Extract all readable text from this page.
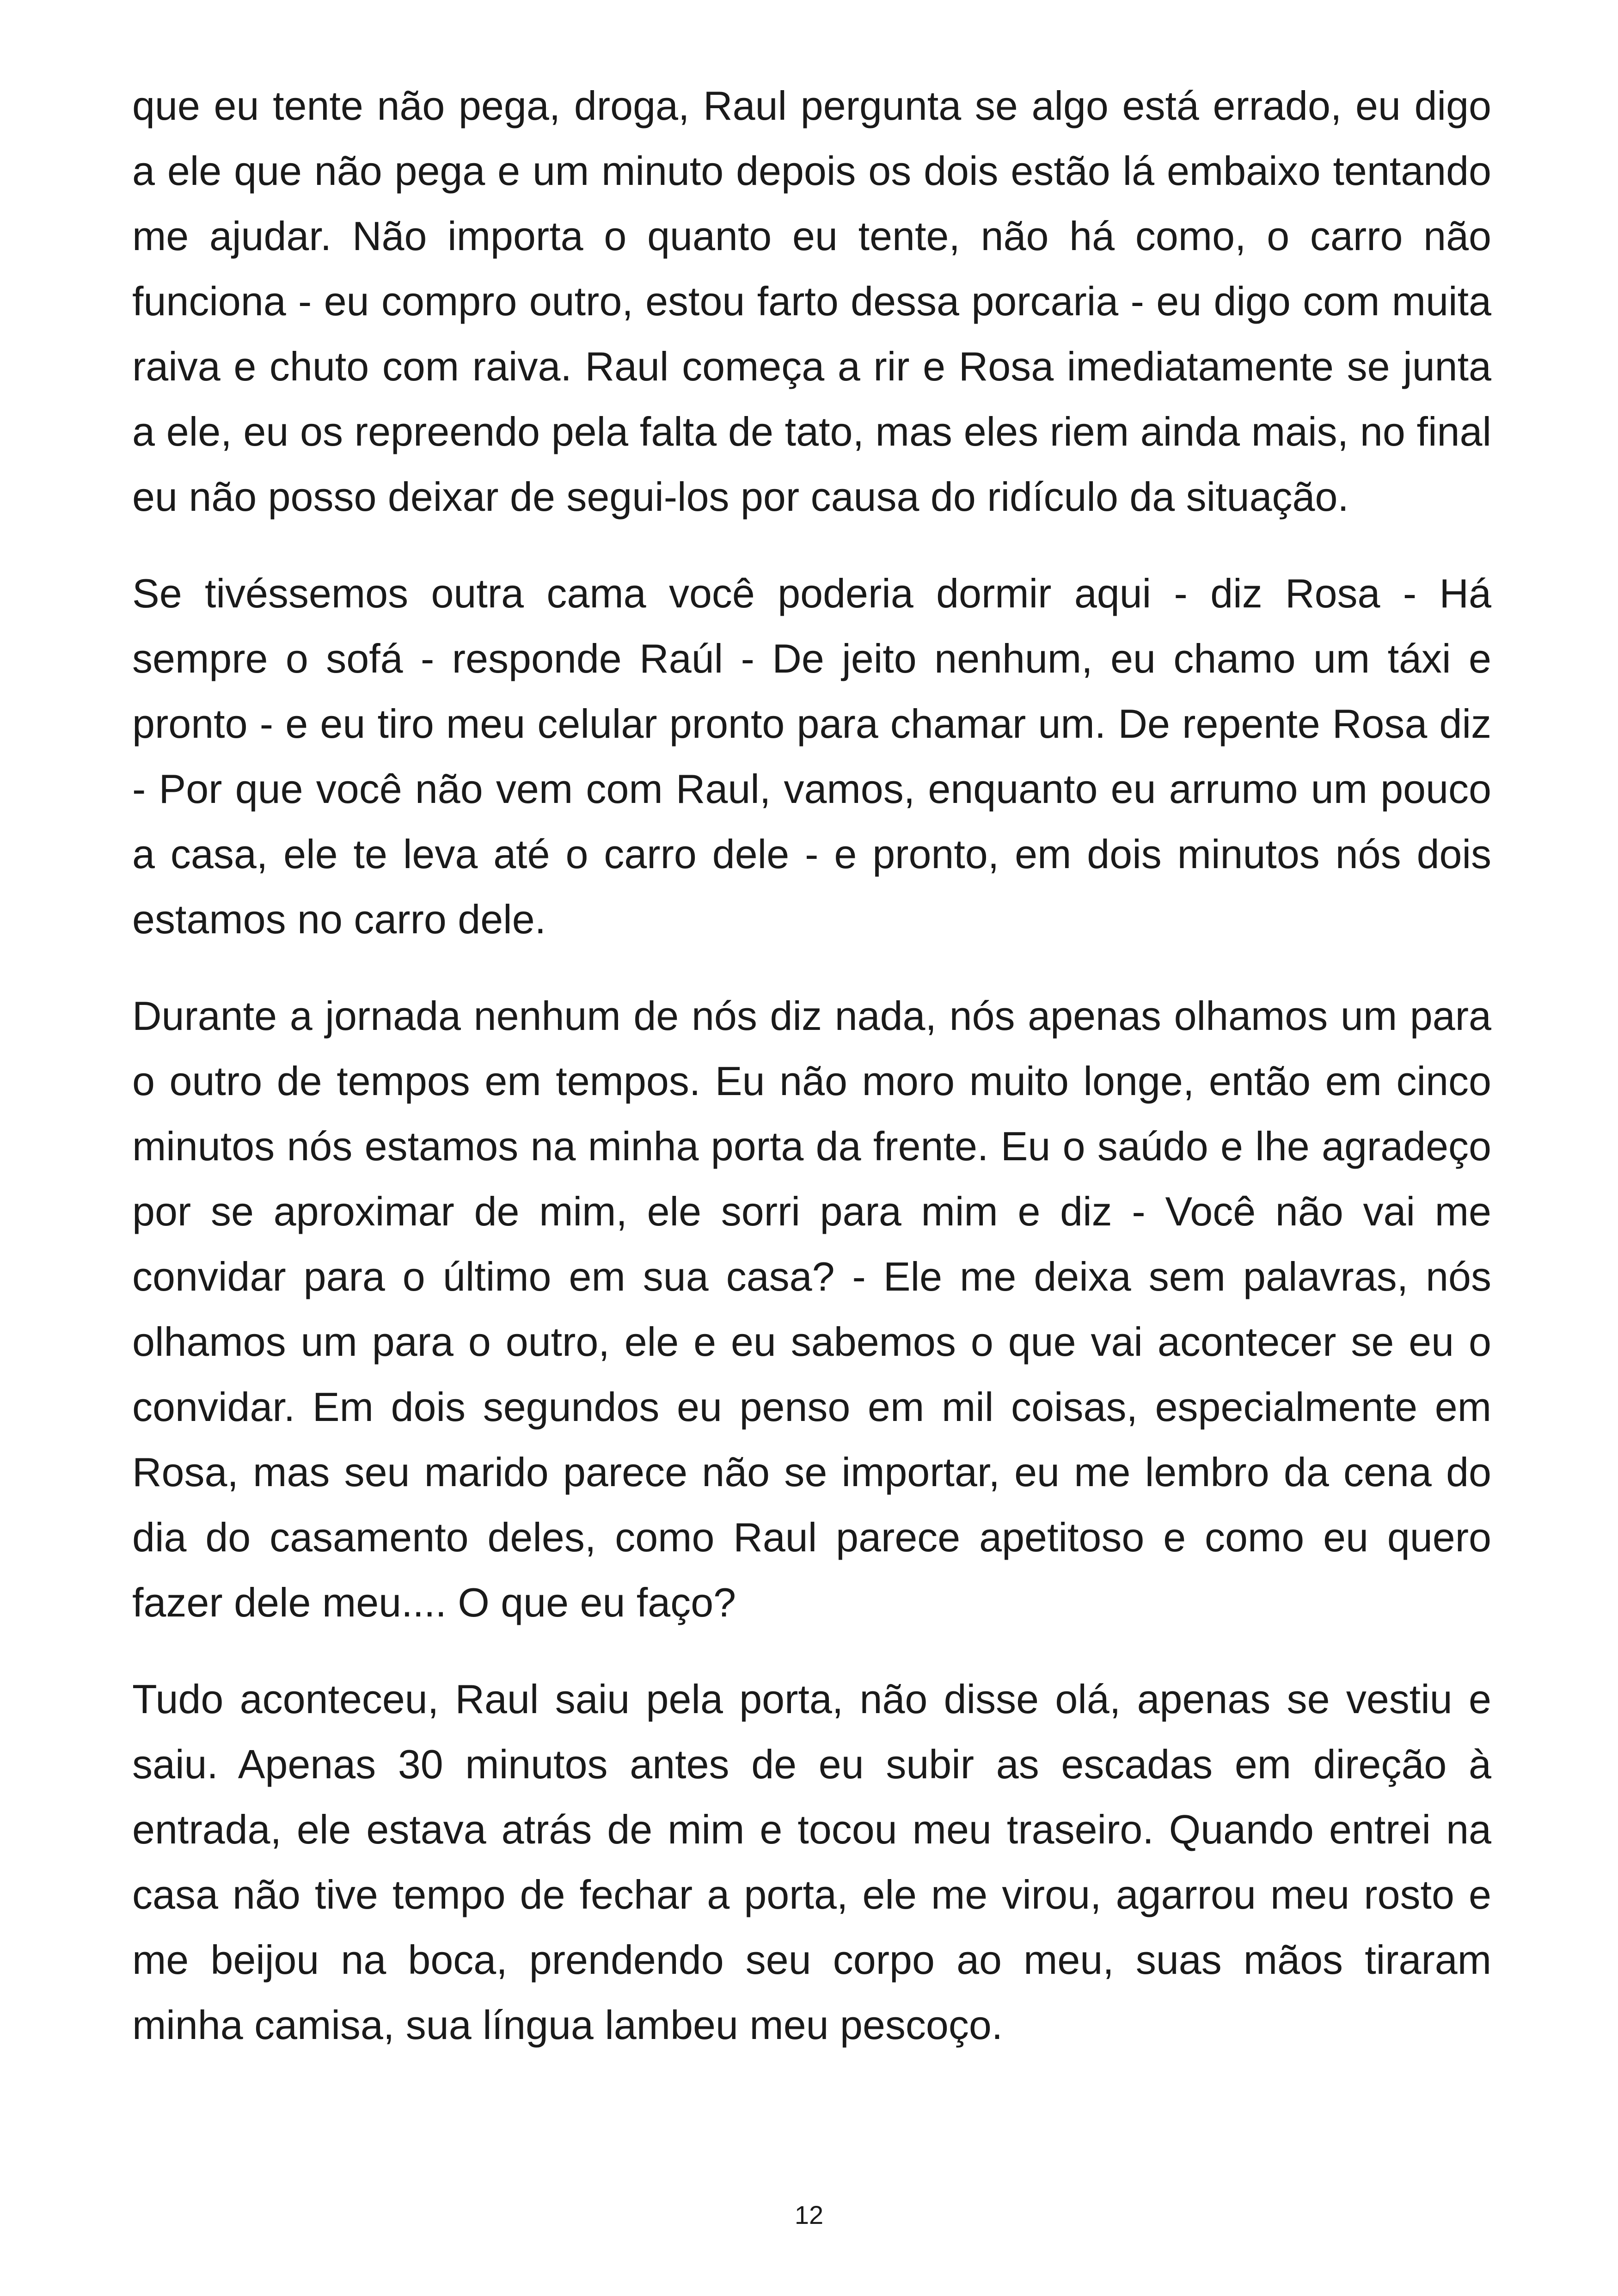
que eu tente não pega, droga, Raul pergunta se algo está errado, eu digo a ele que não pega e um minuto depois os dois estão lá embaixo tentando me ajudar. Não importa o quanto eu tente, não há como, o carro não funciona - eu compro outro, estou farto dessa porcaria - eu digo com muita raiva e chuto com raiva. Raul começa a rir e Rosa imediatamente se junta a ele, eu os repreendo pela falta de tato, mas eles riem ainda mais, no final eu não posso deixar de segui-los por causa do ridículo da situação.

Se tivéssemos outra cama você poderia dormir aqui - diz Rosa - Há sempre o sofá - responde Raúl - De jeito nenhum, eu chamo um táxi e pronto - e eu tiro meu celular pronto para chamar um. De repente Rosa diz - Por que você não vem com Raul, vamos, enquanto eu arrumo um pouco a casa, ele te leva até o carro dele - e pronto, em dois minutos nós dois estamos no carro dele.

Durante a jornada nenhum de nós diz nada, nós apenas olhamos um para o outro de tempos em tempos. Eu não moro muito longe, então em cinco minutos nós estamos na minha porta da frente. Eu o saúdo e lhe agradeço por se aproximar de mim, ele sorri para mim e diz - Você não vai me convidar para o último em sua casa? - Ele me deixa sem palavras, nós olhamos um para o outro, ele e eu sabemos o que vai acontecer se eu o convidar. Em dois segundos eu penso em mil coisas, especialmente em Rosa, mas seu marido parece não se importar, eu me lembro da cena do dia do casamento deles, como Raul parece apetitoso e como eu quero fazer dele meu.... O que eu faço?

Tudo aconteceu, Raul saiu pela porta, não disse olá, apenas se vestiu e saiu. Apenas 30 minutos antes de eu subir as escadas em direção à entrada, ele estava atrás de mim e tocou meu traseiro. Quando entrei na casa não tive tempo de fechar a porta, ele me virou, agarrou meu rosto e me beijou na boca, prendendo seu corpo ao meu, suas mãos tiraram minha camisa, sua língua lambeu meu pescoço.

12
